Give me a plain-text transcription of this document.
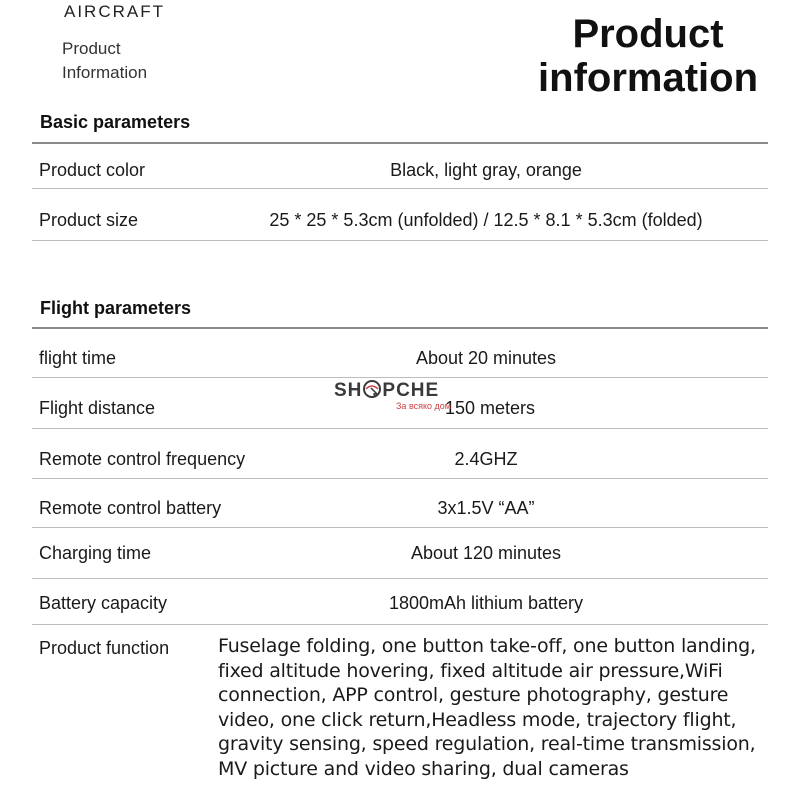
AIRCRAFT
Product
Information
Product
information
Basic parameters
Product color	Black, light gray, orange
Product size	25 * 25 * 5.3cm (unfolded) / 12.5 * 8.1 * 5.3cm (folded)
Flight parameters
flight time	About 20 minutes
Flight distance	150 meters
Remote control frequency	2.4GHZ
Remote control battery	3x1.5V “AA”
Charging time	About 120 minutes
Battery capacity	1800mAh lithium battery
Product function	Fuselage folding, one button take-off, one button landing, fixed altitude hovering, fixed altitude air pressure,WiFi connection, APP control, gesture photography, gesture video, one click return,Headless mode, trajectory flight, gravity sensing, speed regulation, real-time transmission, MV picture and video sharing, dual cameras
SH PCHE
За всяко дом
